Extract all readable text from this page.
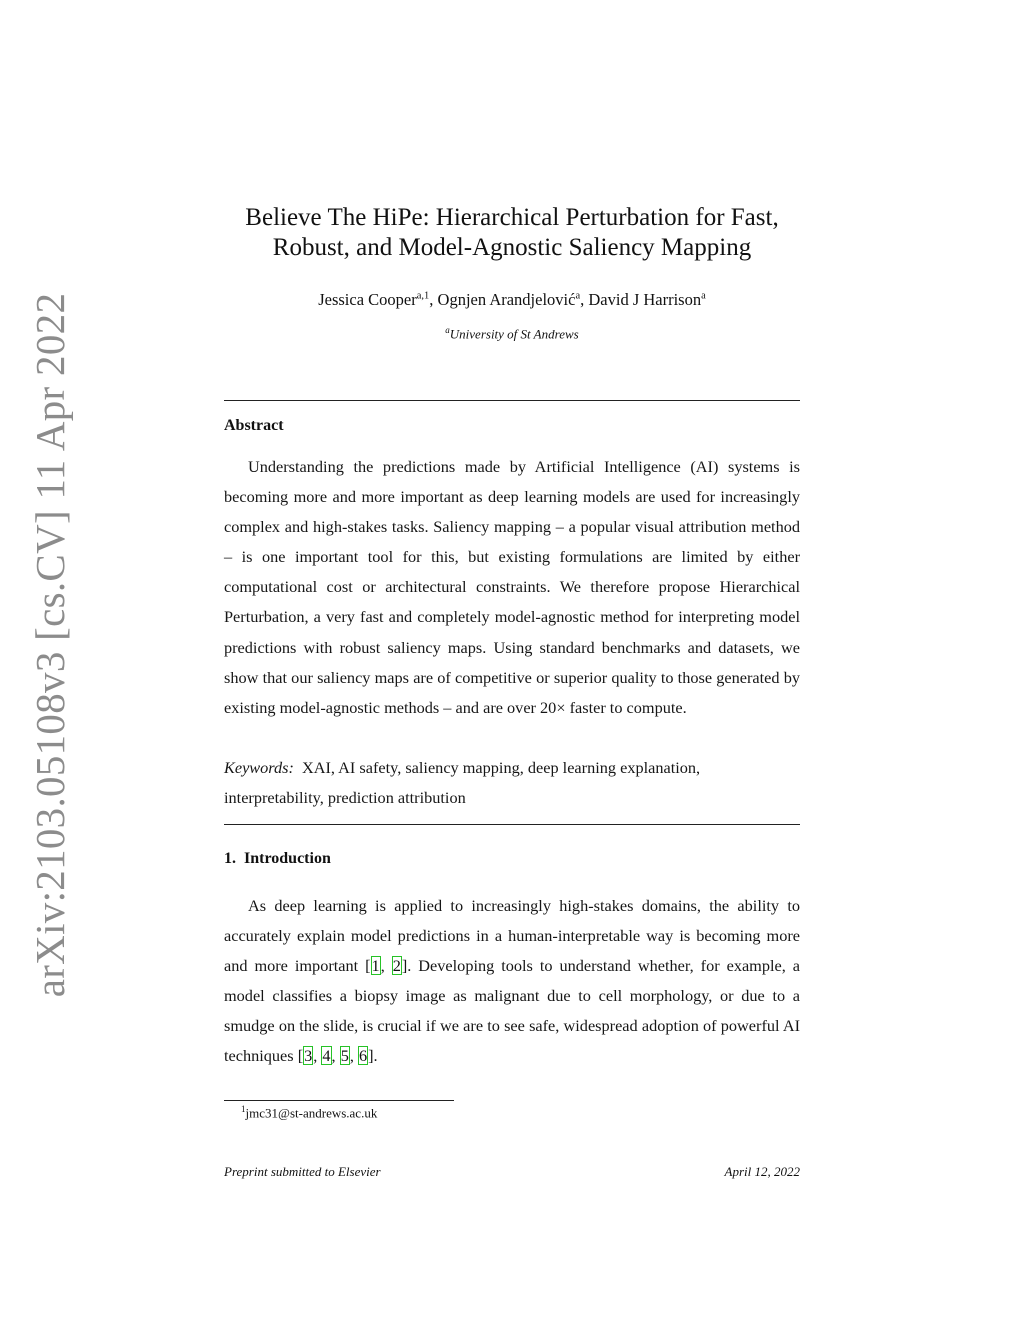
arXiv:2103.05108v3 [cs.CV] 11 Apr 2022
Believe The HiPe: Hierarchical Perturbation for Fast,
Robust, and Model-Agnostic Saliency Mapping
Jessica Cooper$^{a,1}$, Ognjen Arandjelović$^a$, David J Harrison$^a$
$^a$University of St Andrews
Abstract
Understanding the predictions made by Artificial Intelligence (AI) systems is becoming more and more important as deep learning models are used for increasingly complex and high-stakes tasks. Saliency mapping – a popular visual attribution method – is one important tool for this, but existing formulations are limited by either computational cost or architectural constraints. We therefore propose Hierarchical Perturbation, a very fast and completely model-agnostic method for interpreting model predictions with robust saliency maps. Using standard benchmarks and datasets, we show that our saliency maps are of competitive or superior quality to those generated by existing model-agnostic methods – and are over 20× faster to compute.
Keywords: XAI, AI safety, saliency mapping, deep learning explanation, interpretability, prediction attribution
1. Introduction
As deep learning is applied to increasingly high-stakes domains, the ability to accurately explain model predictions in a human-interpretable way is becoming more and more important [1, 2]. Developing tools to understand whether, for example, a model classifies a biopsy image as malignant due to cell morphology, or due to a smudge on the slide, is crucial if we are to see safe, widespread adoption of powerful AI techniques [3, 4, 5, 6].
$^1$jmc31@st-andrews.ac.uk
Preprint submitted to Elsevier	April 12, 2022
